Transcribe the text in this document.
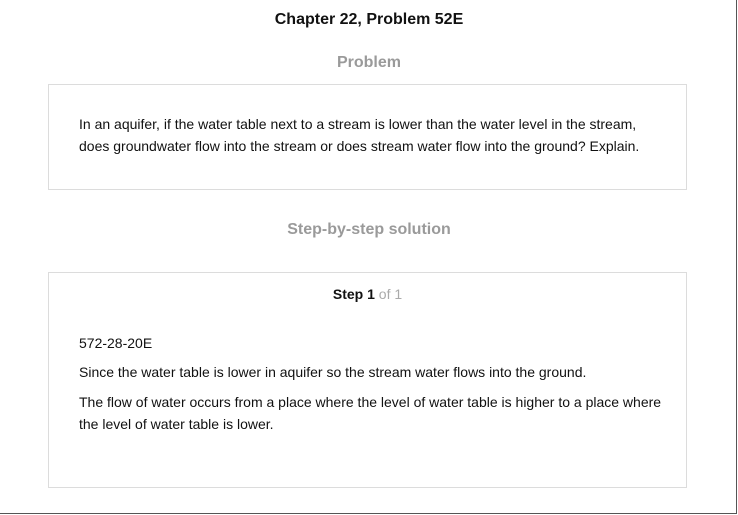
Chapter 22, Problem 52E
Problem
In an aquifer, if the water table next to a stream is lower than the water level in the stream, does groundwater flow into the stream or does stream water flow into the ground? Explain.
Step-by-step solution
Step 1 of 1
572-28-20E
Since the water table is lower in aquifer so the stream water flows into the ground.
The flow of water occurs from a place where the level of water table is higher to a place where the level of water table is lower.
